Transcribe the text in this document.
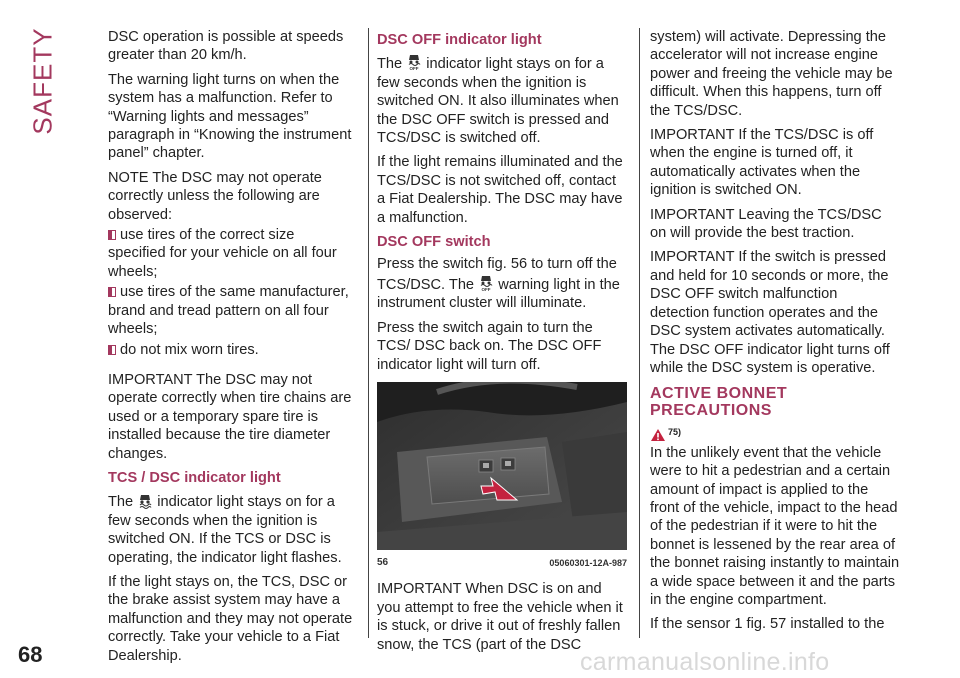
SAFETY	DSC operation is possible at speeds greater than 20 km/h.

The warning light turns on when the system has a malfunction. Refer to “Warning lights and messages” paragraph in “Knowing the instrument panel” chapter.

NOTE The DSC may not operate correctly unless the following are observed:

use tires of the correct size specified for your vehicle on all four wheels;
use tires of the same manufacturer, brand and tread pattern on all four wheels;
do not mix worn tires.

IMPORTANT The DSC may not operate correctly when tire chains are used or a temporary spare tire is installed because the tire diameter changes.

TCS / DSC indicator light

The indicator light stays on for a few seconds when the ignition is switched ON. If the TCS or DSC is operating, the indicator light flashes.

If the light stays on, the TCS, DSC or the brake assist system may have a malfunction and they may not operate correctly. Take your vehicle to a Fiat Dealership.

DSC OFF indicator light

The OFF indicator light stays on for a few seconds when the ignition is switched ON. It also illuminates when the DSC OFF switch is pressed and TCS/DSC is switched off.

If the light remains illuminated and the TCS/DSC is not switched off, contact a Fiat Dealership. The DSC may have a malfunction.

DSC OFF switch

Press the switch fig. 56 to turn off the TCS/DSC. The OFF warning light in the instrument cluster will illuminate.

Press the switch again to turn the TCS/ DSC back on. The DSC OFF indicator light will turn off.

56	05060301-12A-987

IMPORTANT When DSC is on and you attempt to free the vehicle when it is stuck, or drive it out of freshly fallen snow, the TCS (part of the DSC

system) will activate. Depressing the accelerator will not increase engine power and freeing the vehicle may be difficult. When this happens, turn off the TCS/DSC.

IMPORTANT If the TCS/DSC is off when the engine is turned off, it automatically activates when the ignition is switched ON.

IMPORTANT Leaving the TCS/DSC on will provide the best traction.

IMPORTANT If the switch is pressed and held for 10 seconds or more, the DSC OFF switch malfunction detection function operates and the DSC system activates automatically. The DSC OFF indicator light turns off while the DSC system is operative.

ACTIVE BONNET PRECAUTIONS
75)

In the unlikely event that the vehicle were to hit a pedestrian and a certain amount of impact is applied to the front of the vehicle, impact to the head of the pedestrian if it were to hit the bonnet is lessened by the rear area of the bonnet raising instantly to maintain a wide space between it and the parts in the engine compartment.

If the sensor 1 fig. 57 installed to the

68	carmanualsonline.info
